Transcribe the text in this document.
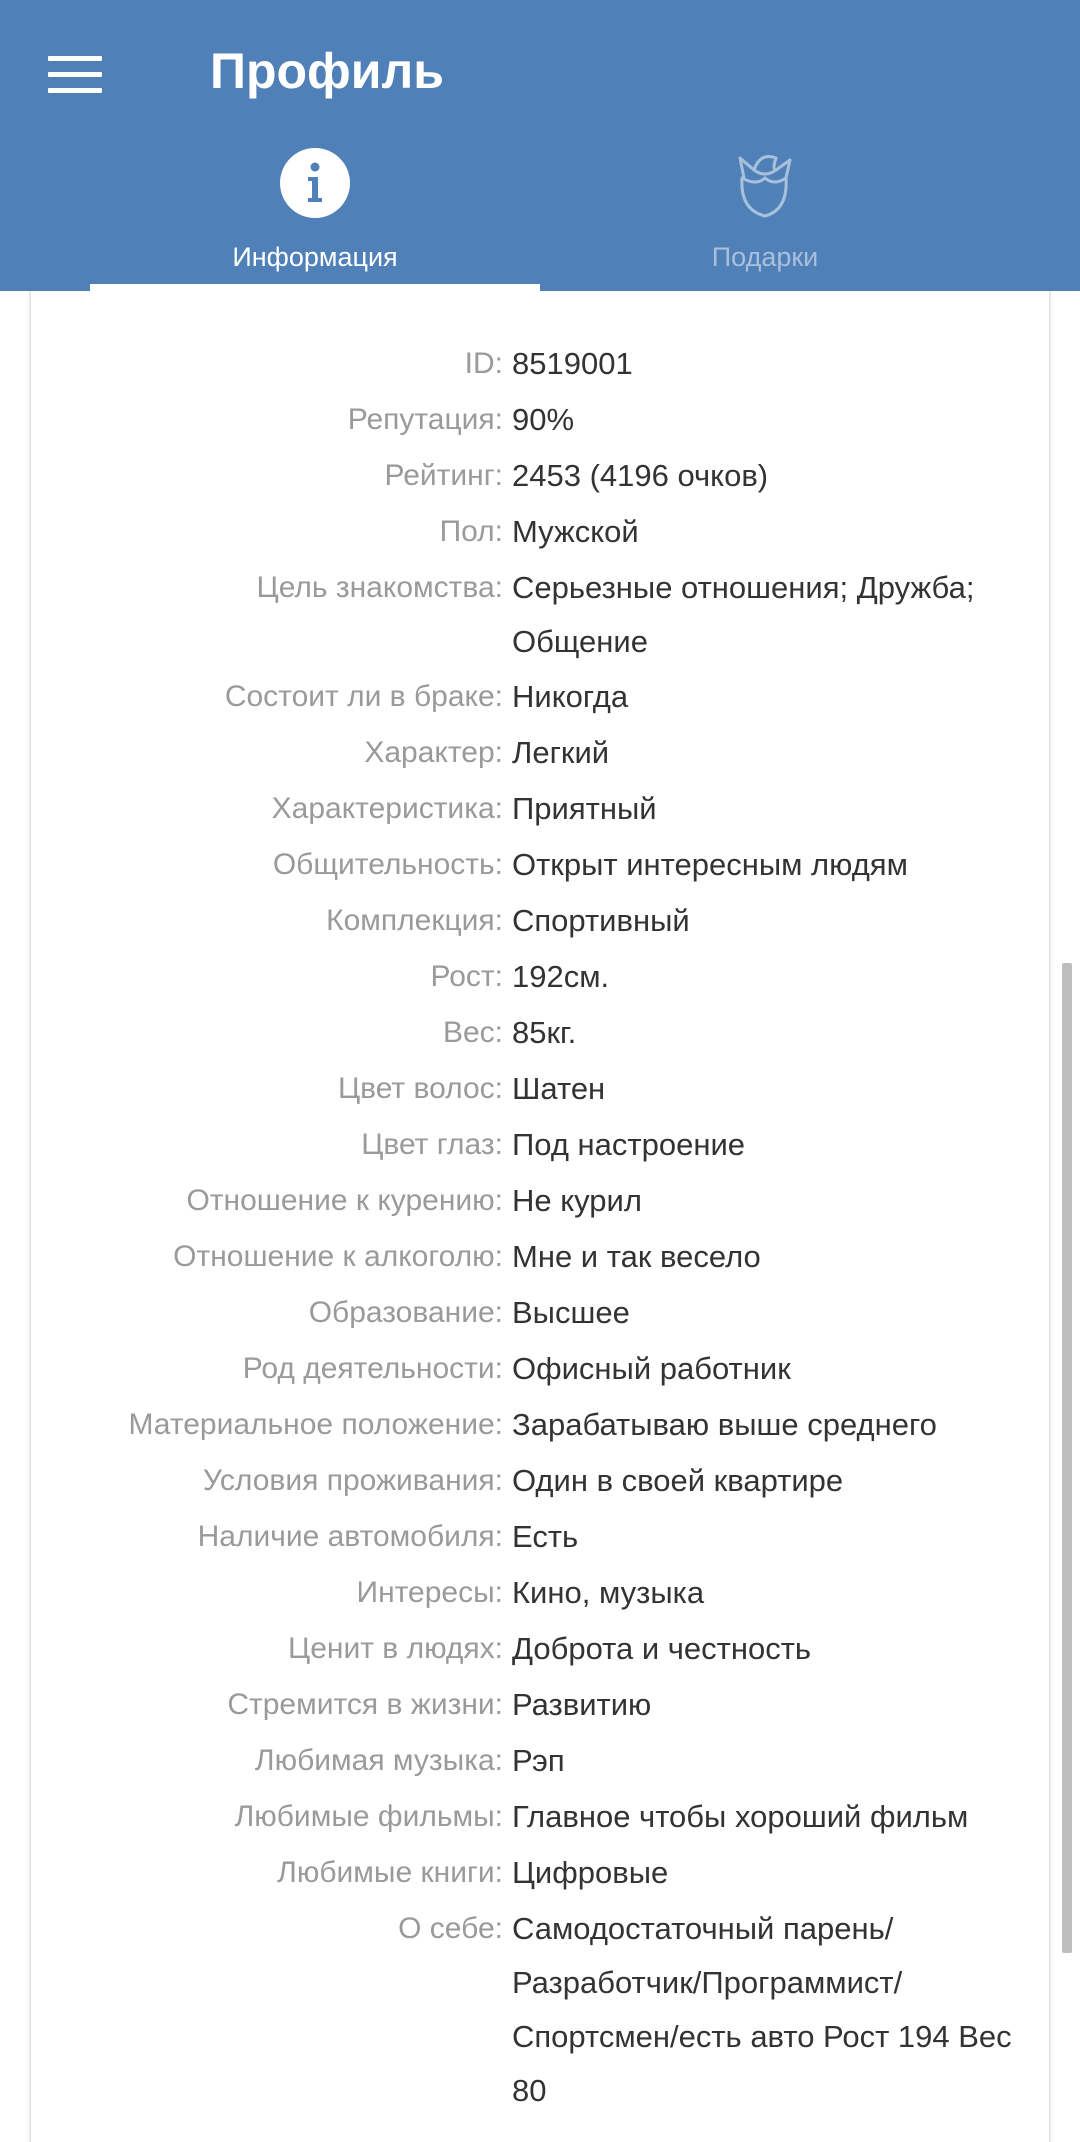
Профиль
Информация	Подарки
ID: 8519001
Репутация: 90%
Рейтинг: 2453 (4196 очков)
Пол: Мужской
Цель знакомства: Серьезные отношения; Дружба; Общение
Состоит ли в браке: Никогда
Характер: Легкий
Характеристика: Приятный
Общительность: Открыт интересным людям
Комплекция: Спортивный
Рост: 192см.
Вес: 85кг.
Цвет волос: Шатен
Цвет глаз: Под настроение
Отношение к курению: Не курил
Отношение к алкоголю: Мне и так весело
Образование: Высшее
Род деятельности: Офисный работник
Материальное положение: Зарабатываю выше среднего
Условия проживания: Один в своей квартире
Наличие автомобиля: Есть
Интересы: Кино, музыка
Ценит в людях: Доброта и честность
Стремится в жизни: Развитию
Любимая музыка: Рэп
Любимые фильмы: Главное чтобы хороший фильм
Любимые книги: Цифровые
О себе: Самодостаточный парень/ Разработчик/Программист/ Спортсмен/есть авто Рост 194 Вес 80
